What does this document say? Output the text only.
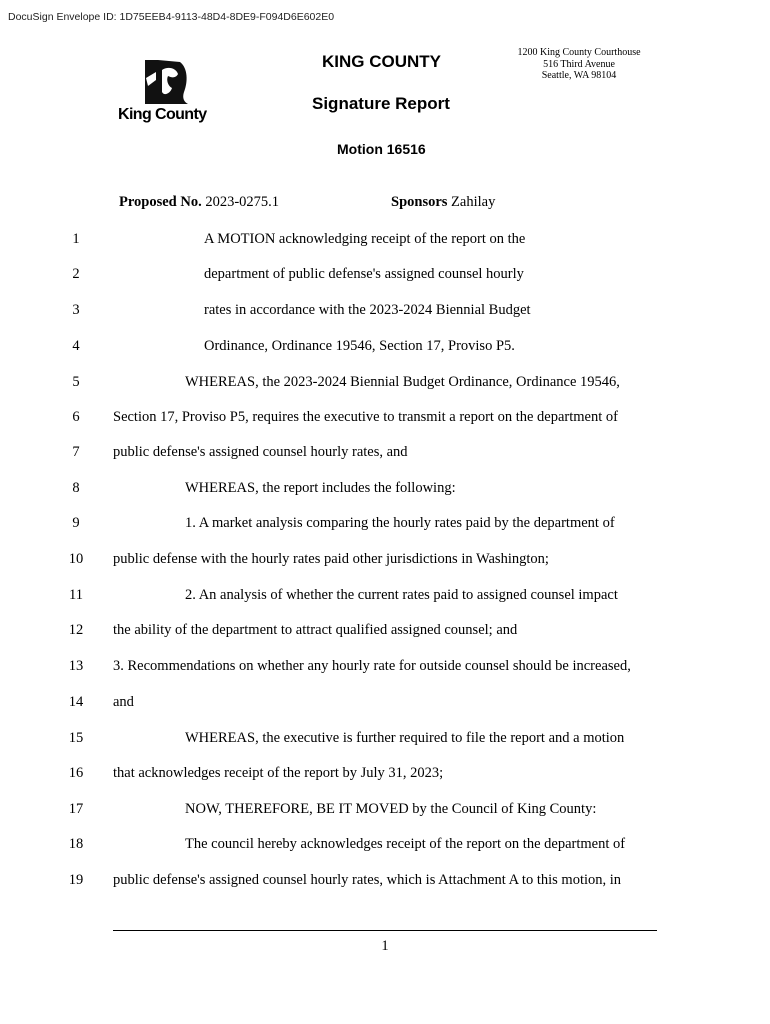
DocuSign Envelope ID: 1D75EEB4-9113-48D4-8DE9-F094D6E602E0
King County
KING COUNTY	1200 King County Courthouse
516 Third Avenue
Seattle, WA 98104
Signature Report
Motion 16516
Proposed No. 2023-0275.1	Sponsors Zahilay
1	A MOTION acknowledging receipt of the report on the
2	department of public defense's assigned counsel hourly
3	rates in accordance with the 2023-2024 Biennial Budget
4	Ordinance, Ordinance 19546, Section 17, Proviso P5.
5	WHEREAS, the 2023-2024 Biennial Budget Ordinance, Ordinance 19546,
6	Section 17, Proviso P5, requires the executive to transmit a report on the department of
7	public defense's assigned counsel hourly rates, and
8	WHEREAS, the report includes the following:
9	1. A market analysis comparing the hourly rates paid by the department of
10	public defense with the hourly rates paid other jurisdictions in Washington;
11	2. An analysis of whether the current rates paid to assigned counsel impact
12	the ability of the department to attract qualified assigned counsel; and
13	3. Recommendations on whether any hourly rate for outside counsel should be increased,
14	and
15	WHEREAS, the executive is further required to file the report and a motion
16	that acknowledges receipt of the report by July 31, 2023;
17	NOW, THEREFORE, BE IT MOVED by the Council of King County:
18	The council hereby acknowledges receipt of the report on the department of
19	public defense's assigned counsel hourly rates, which is Attachment A to this motion, in
1
